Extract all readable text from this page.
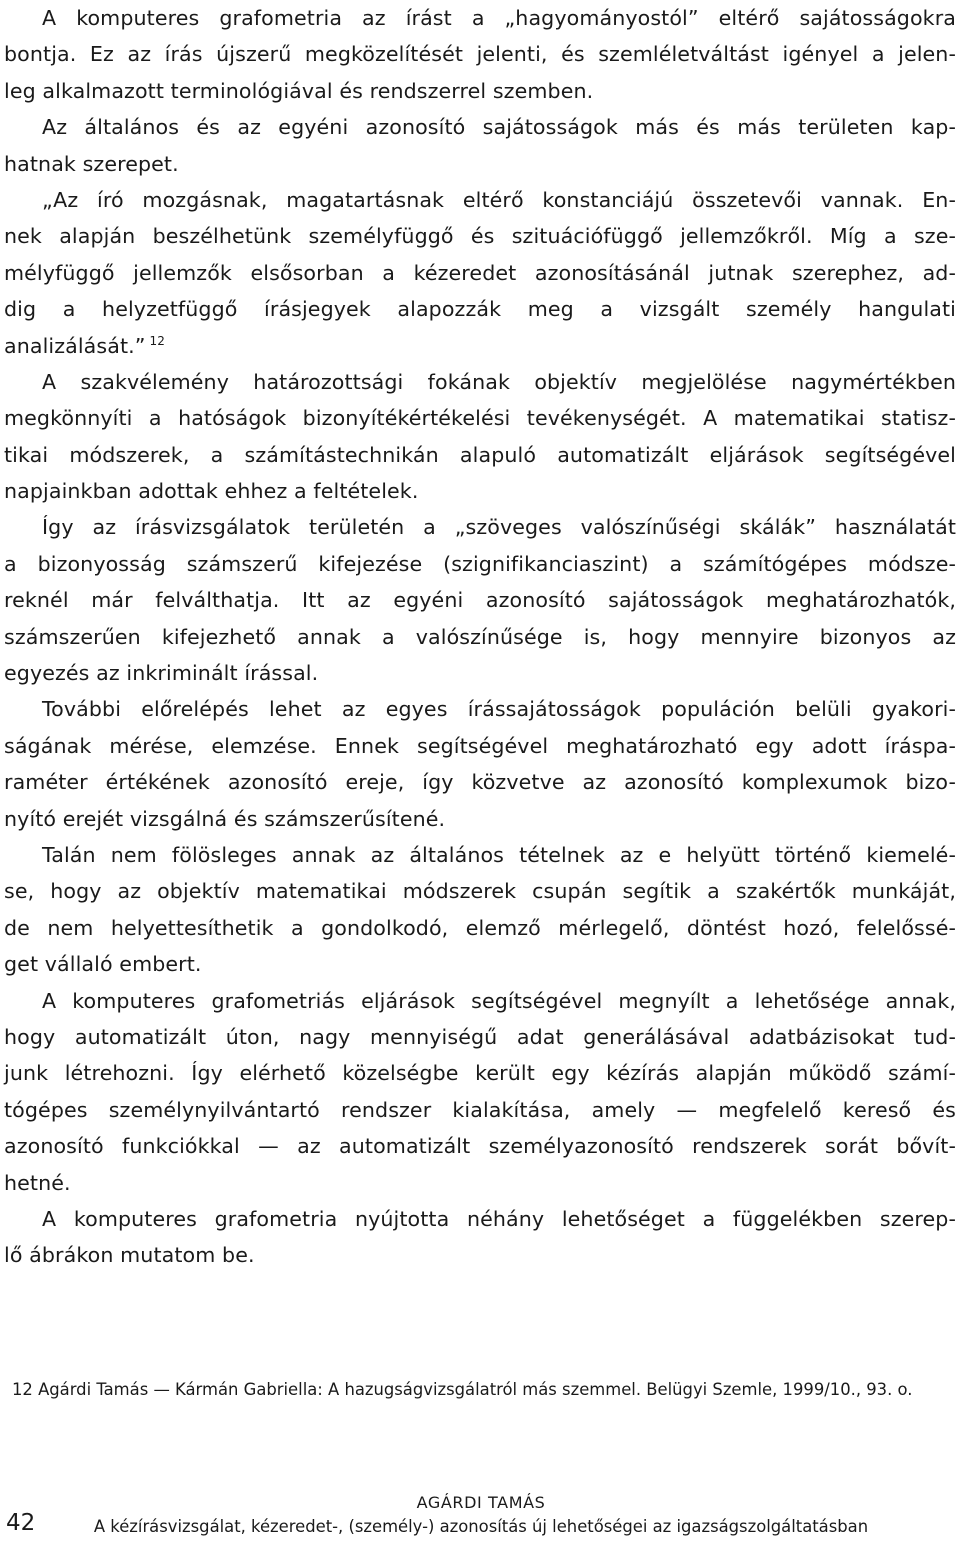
A komputeres grafometria az írást a „hagyományostól” eltérő sajátosságokra
bontja. Ez az írás újszerű megközelítését jelenti, és szemléletváltást igényel a jelen-
leg alkalmazott terminológiával és rendszerrel szemben.
Az általános és az egyéni azonosító sajátosságok más és más területen kap-
hatnak szerepet.
„Az író mozgásnak, magatartásnak eltérő konstanciájú összetevői vannak. En-
nek alapján beszélhetünk személyfüggő és szituációfüggő jellemzőkről. Míg a sze-
mélyfüggő jellemzők elsősorban a kézeredet azonosításánál jutnak szerephez, ad-
dig a helyzetfüggő írásjegyek alapozzák meg a vizsgált személy hangulati
analizálását.” $^{12}$
A szakvélemény határozottsági fokának objektív megjelölése nagymértékben
megkönnyíti a hatóságok bizonyítékértékelési tevékenységét. A matematikai statisz-
tikai módszerek, a számítástechnikán alapuló automatizált eljárások segítségével
napjainkban adottak ehhez a feltételek.
Így az írásvizsgálatok területén a „szöveges valószínűségi skálák” használatát
a bizonyosság számszerű kifejezése (szignifikanciaszint) a számítógépes módsze-
reknél már felválthatja. Itt az egyéni azonosító sajátosságok meghatározhatók,
számszerűen kifejezhető annak a valószínűsége is, hogy mennyire bizonyos az
egyezés az inkriminált írással.
További előrelépés lehet az egyes írássajátosságok populáción belüli gyakori-
ságának mérése, elemzése. Ennek segítségével meghatározható egy adott íráspa-
raméter értékének azonosító ereje, így közvetve az azonosító komplexumok bizo-
nyító erejét vizsgálná és számszerűsítené.
Talán nem fölösleges annak az általános tételnek az e helyütt történő kiemelé-
se, hogy az objektív matematikai módszerek csupán segítik a szakértők munkáját,
de nem helyettesíthetik a gondolkodó, elemző mérlegelő, döntést hozó, felelőssé-
get vállaló embert.
A komputeres grafometriás eljárások segítségével megnyílt a lehetősége annak,
hogy automatizált úton, nagy mennyiségű adat generálásával adatbázisokat tud-
junk létrehozni. Így elérhető közelségbe került egy kézírás alapján működő számí-
tógépes személynyilvántartó rendszer kialakítása, amely — megfelelő kereső és
azonosító funkciókkal — az automatizált személyazonosító rendszerek sorát bővít-
hetné.
A komputeres grafometria nyújtotta néhány lehetőséget a függelékben szerep-
lő ábrákon mutatom be.
12 Agárdi Tamás — Kármán Gabriella: A hazugságvizsgálatról más szemmel. Belügyi Szemle, 1999/10., 93. o.
42
AGÁRDI TAMÁS
A kézírásvizsgálat, kézeredet-, (személy-) azonosítás új lehetőségei az igazságszolgáltatásban
